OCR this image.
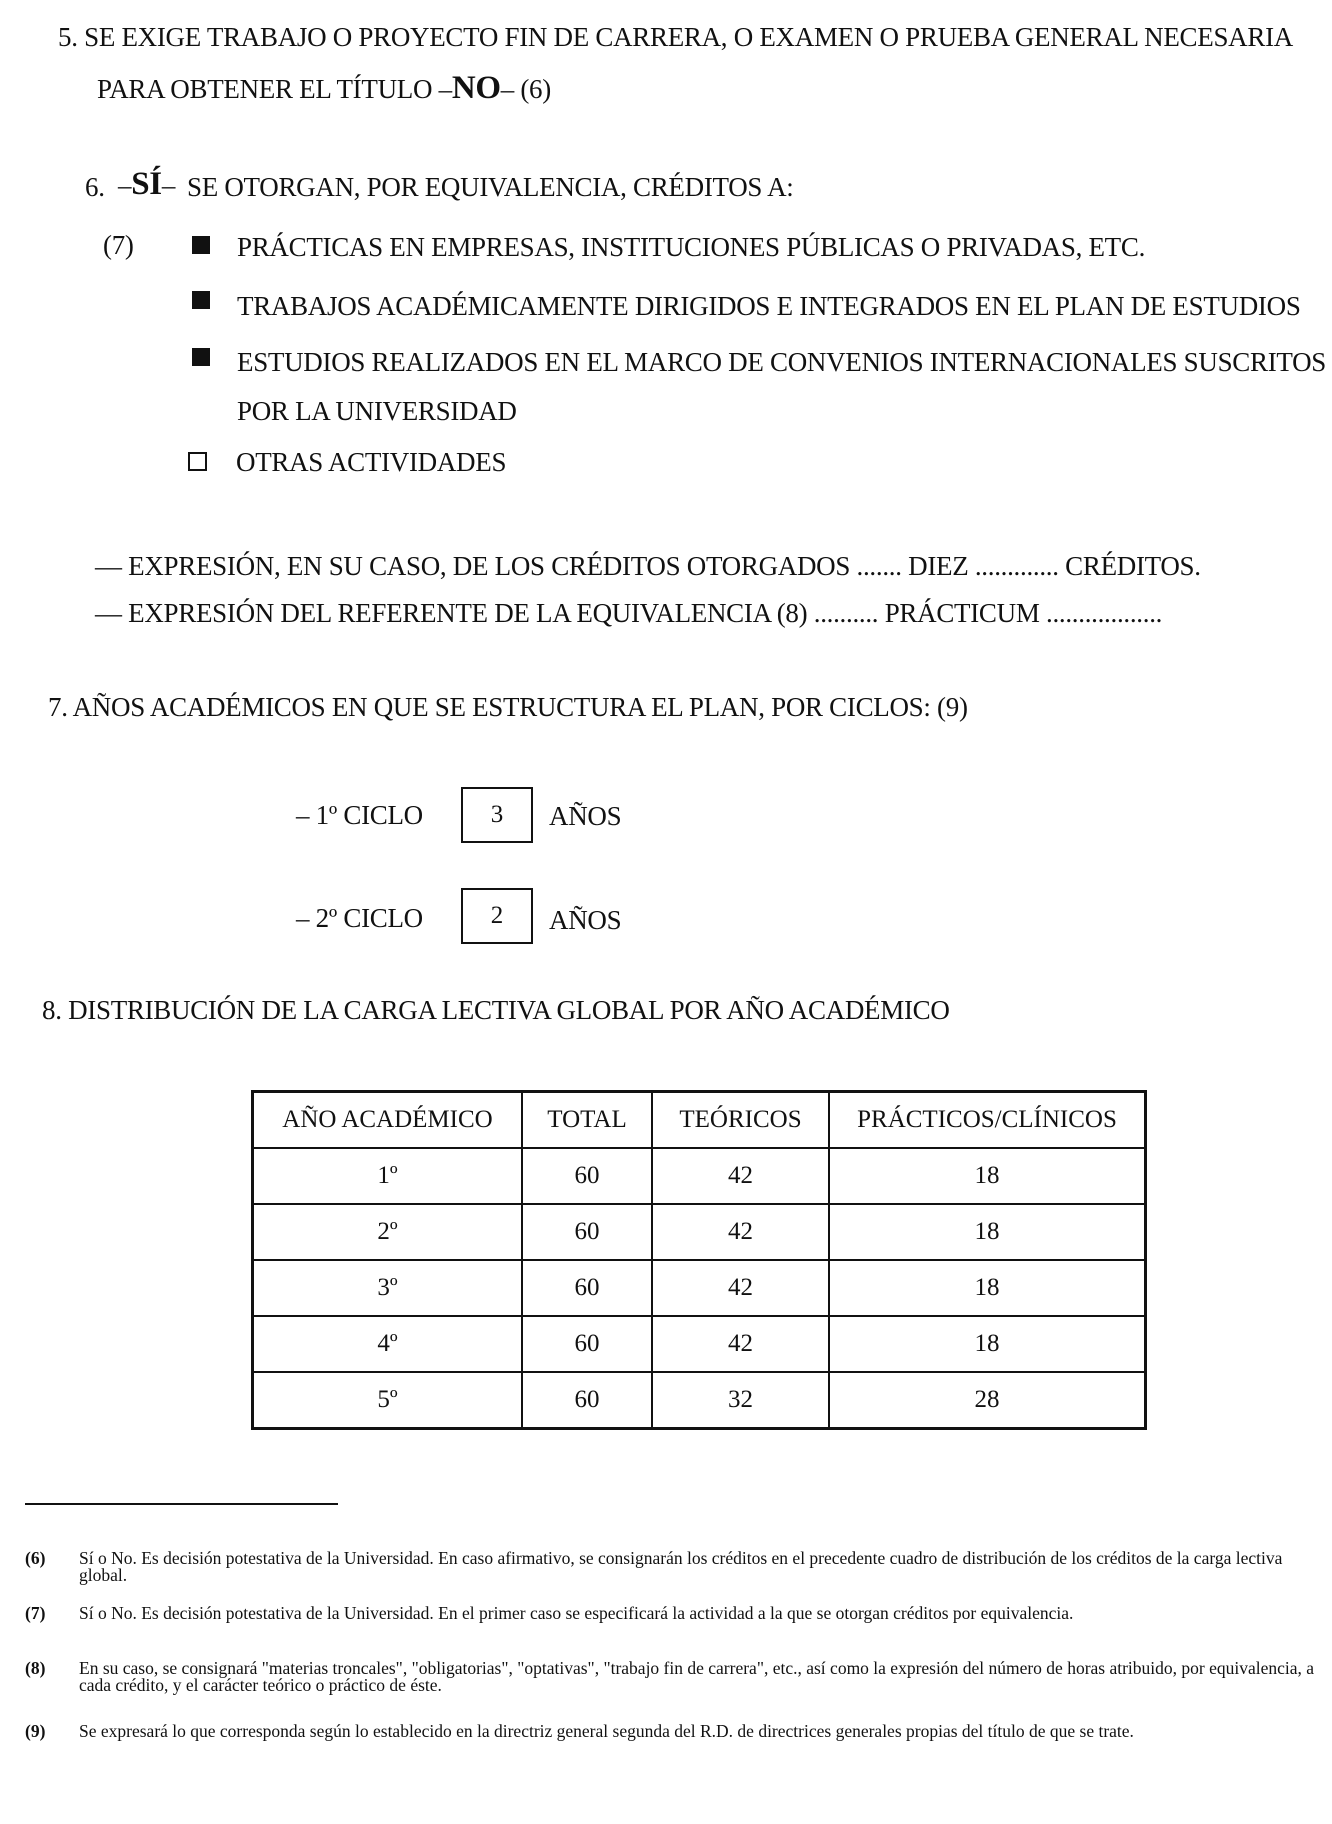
5. SE EXIGE TRABAJO O PROYECTO FIN DE CARRERA, O EXAMEN O PRUEBA GENERAL NECESARIA
PARA OBTENER EL TÍTULO –NO– (6)
6. –SÍ– SE OTORGAN, POR EQUIVALENCIA, CRÉDITOS A:
(7)	PRÁCTICAS EN EMPRESAS, INSTITUCIONES PÚBLICAS O PRIVADAS, ETC.
TRABAJOS ACADÉMICAMENTE DIRIGIDOS E INTEGRADOS EN EL PLAN DE ESTUDIOS
ESTUDIOS REALIZADOS EN EL MARCO DE CONVENIOS INTERNACIONALES SUSCRITOS
POR LA UNIVERSIDAD
OTRAS ACTIVIDADES
— EXPRESIÓN, EN SU CASO, DE LOS CRÉDITOS OTORGADOS ....... DIEZ ............. CRÉDITOS.
— EXPRESIÓN DEL REFERENTE DE LA EQUIVALENCIA (8) .......... PRÁCTICUM ..................
7. AÑOS ACADÉMICOS EN QUE SE ESTRUCTURA EL PLAN, POR CICLOS: (9)
– 1º CICLO	3	AÑOS
– 2º CICLO	2	AÑOS
8. DISTRIBUCIÓN DE LA CARGA LECTIVA GLOBAL POR AÑO ACADÉMICO
AÑO ACADÉMICO	TOTAL	TEÓRICOS	PRÁCTICOS/CLÍNICOS
1º	60	42	18
2º	60	42	18
3º	60	42	18
4º	60	42	18
5º	60	32	28
(6) Sí o No. Es decisión potestativa de la Universidad. En caso afirmativo, se consignarán los créditos en el precedente cuadro de distribución de los créditos de la carga lectiva global.
(7) Sí o No. Es decisión potestativa de la Universidad. En el primer caso se especificará la actividad a la que se otorgan créditos por equivalencia.
(8) En su caso, se consignará "materias troncales", "obligatorias", "optativas", "trabajo fin de carrera", etc., así como la expresión del número de horas atribuido, por equivalencia, a cada crédito, y el carácter teórico o práctico de éste.
(9) Se expresará lo que corresponda según lo establecido en la directriz general segunda del R.D. de directrices generales propias del título de que se trate.
